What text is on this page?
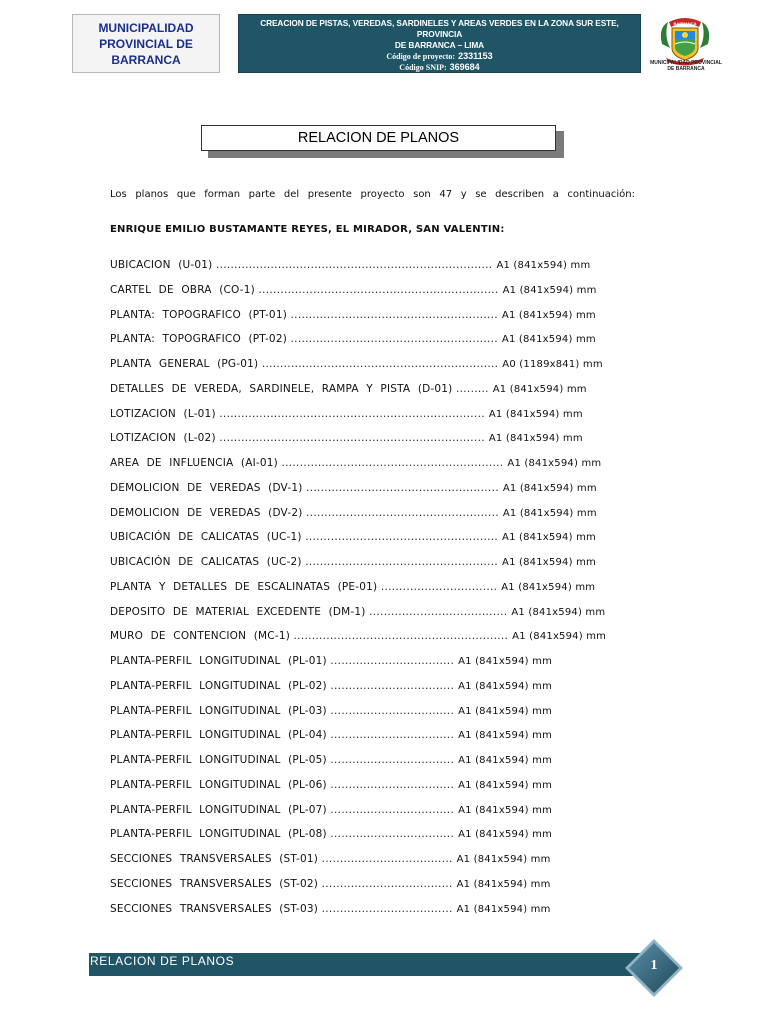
MUNICIPALIDAD
PROVINCIAL DE
BARRANCA
CREACION DE PISTAS, VEREDAS, SARDINELES Y AREAS VERDES EN LA ZONA SUR ESTE, PROVINCIA
DE BARRANCA – LIMA
Código de proyecto: 2331153
Código SNIP: 369684
BARRANCA
MUNICIPALIDAD PROVINCIAL
DE BARRANCA
RELACION DE PLANOS

Los planos que forman parte del presente proyecto son 47 y se describen a continuación:

ENRIQUE EMILIO BUSTAMANTE REYES, EL MIRADOR, SAN VALENTIN:

UBICACION (U-01) ............................................................................ A1 (841x594) mm
CARTEL DE OBRA (CO-1) .................................................................. A1 (841x594) mm
PLANTA: TOPOGRAFICO (PT-01) ......................................................... A1 (841x594) mm
PLANTA: TOPOGRAFICO (PT-02) ......................................................... A1 (841x594) mm
PLANTA GENERAL (PG-01) ................................................................. A0 (1189x841) mm
DETALLES DE VEREDA, SARDINELE, RAMPA Y PISTA (D-01) ......... A1 (841x594) mm
LOTIZACION (L-01) ......................................................................... A1 (841x594) mm
LOTIZACION (L-02) ......................................................................... A1 (841x594) mm
AREA DE INFLUENCIA (AI-01) ............................................................. A1 (841x594) mm
DEMOLICION DE VEREDAS (DV-1) ..................................................... A1 (841x594) mm
DEMOLICION DE VEREDAS (DV-2) ..................................................... A1 (841x594) mm
UBICACIÓN DE CALICATAS (UC-1) ..................................................... A1 (841x594) mm
UBICACIÓN DE CALICATAS (UC-2) ..................................................... A1 (841x594) mm
PLANTA Y DETALLES DE ESCALINATAS (PE-01) ................................ A1 (841x594) mm
DEPOSITO DE MATERIAL EXCEDENTE (DM-1) ...................................... A1 (841x594) mm
MURO DE CONTENCION (MC-1) ........................................................... A1 (841x594) mm
PLANTA-PERFIL LONGITUDINAL (PL-01) .................................. A1 (841x594) mm
PLANTA-PERFIL LONGITUDINAL (PL-02) .................................. A1 (841x594) mm
PLANTA-PERFIL LONGITUDINAL (PL-03) .................................. A1 (841x594) mm
PLANTA-PERFIL LONGITUDINAL (PL-04) .................................. A1 (841x594) mm
PLANTA-PERFIL LONGITUDINAL (PL-05) .................................. A1 (841x594) mm
PLANTA-PERFIL LONGITUDINAL (PL-06) .................................. A1 (841x594) mm
PLANTA-PERFIL LONGITUDINAL (PL-07) .................................. A1 (841x594) mm
PLANTA-PERFIL LONGITUDINAL (PL-08) .................................. A1 (841x594) mm
SECCIONES TRANSVERSALES (ST-01) .................................... A1 (841x594) mm
SECCIONES TRANSVERSALES (ST-02) .................................... A1 (841x594) mm
SECCIONES TRANSVERSALES (ST-03) .................................... A1 (841x594) mm
RELACION DE PLANOS	1
